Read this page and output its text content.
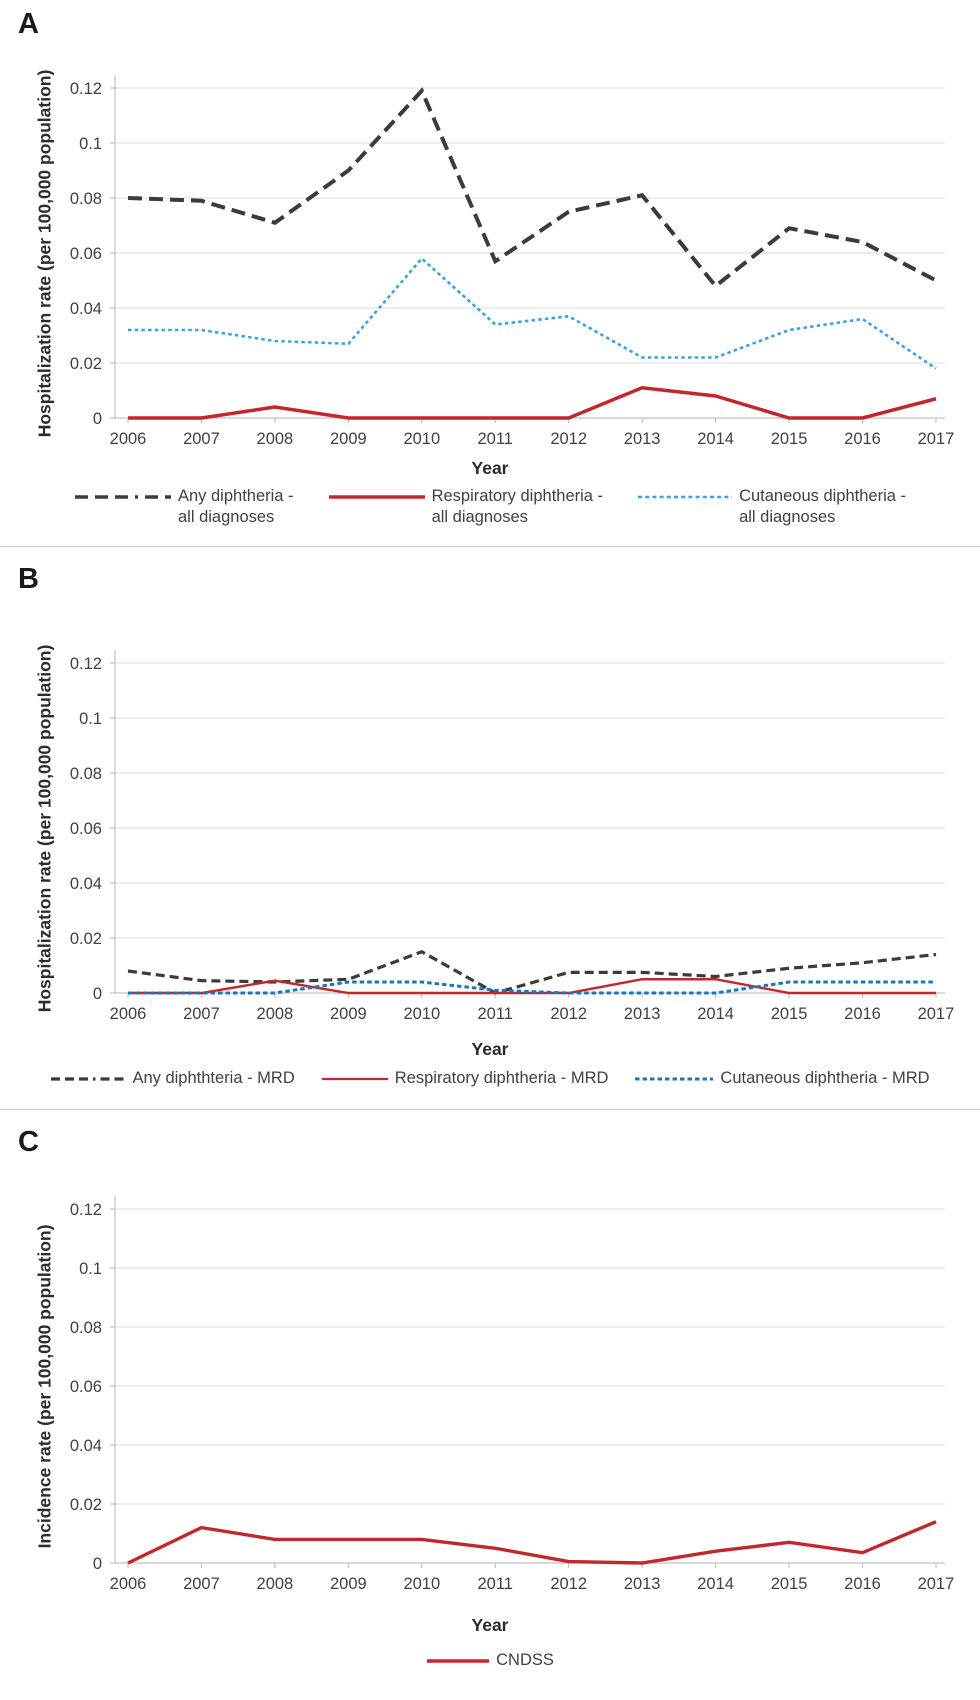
A
Hospitalization rate (per 100,000 population) 0
0.02
0.04
0.06
0.08
0.1
0.12
2006 2007 2008 2009 2010 2011 2012 2013 2014 2015 2016 2017
Year
Any diphtheria -
all diagnoses
Respiratory diphtheria -
all diagnoses
Cutaneous diphtheria -
all diagnoses
B
Hospitalization rate (per 100,000 population) 0
0.02
0.04
0.06
0.08
0.1
0.12
2006 2007 2008 2009 2010 2011 2012 2013 2014 2015 2016 2017
Year
Any diphthteria - MRD	Respiratory diphtheria - MRD	Cutaneous diphtheria - MRD
C
Incidence rate (per 100,000 population)
0
0.02
0.04
0.06
0.08
0.1
0.12
2006 2007 2008 2009 2010 2011 2012 2013 2014 2015 2016 2017
Year
CNDSS
